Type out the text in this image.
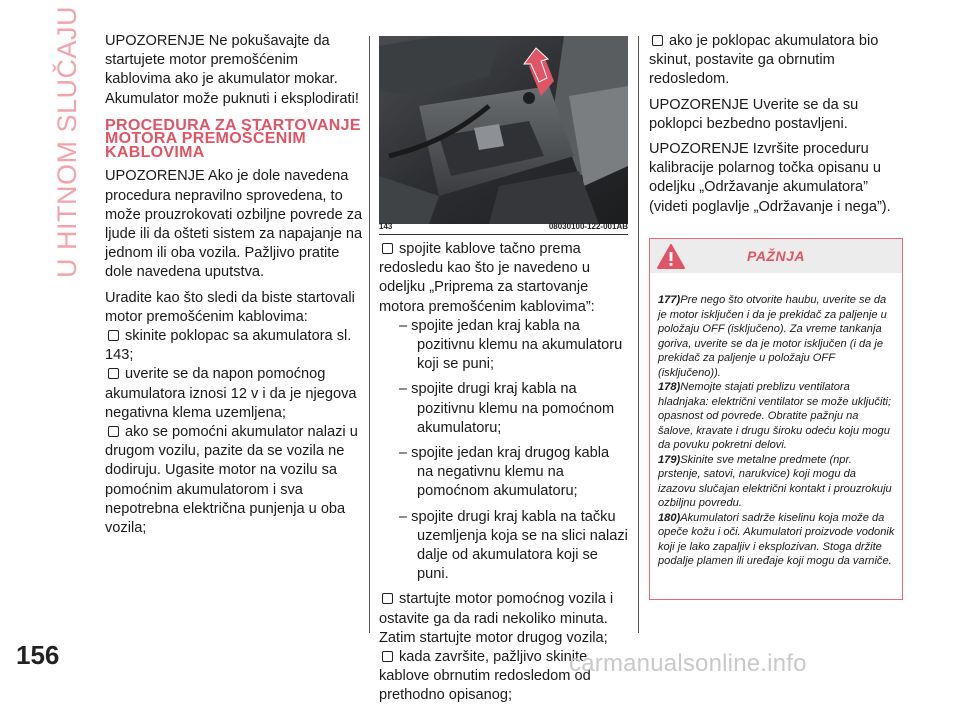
U HITNOM SLUČAJU UPOZORENJE Ne pokušavajte da startujete motor premošćenim kablovima ako je akumulator mokar. Akumulator može puknuti i eksplodirati!

PROCEDURA ZA STARTOVANJE MOTORA PREMOŠĆENIM KABLOVIMA

UPOZORENJE Ako je dole navedena procedura nepravilno sprovedena, to može prouzrokovati ozbiljne povrede za ljude ili da ošteti sistem za napajanje na jednom ili oba vozila. Pažljivo pratite dole navedena uputstva.

Uradite kao što sledi da biste startovali motor premošćenim kablovima:

skinite poklopac sa akumulatora sl. 143;
uverite se da napon pomoćnog akumulatora iznosi 12 v i da je njegova negativna klema uzemljena;
ako se pomoćni akumulator nalazi u drugom vozilu, pazite da se vozila ne dodiruju. Ugasite motor na vozilu sa pomoćnim akumulatorom i sva nepotrebna električna punjenja u oba vozila;
143	08030100-122-001AB
spojite kablove tačno prema redosledu kao što je navedeno u odeljku „Priprema za startovanje motora premošćenim kablovima”:

– spojite jedan kraj kabla na pozitivnu klemu na akumulatoru koji se puni;

– spojite drugi kraj kabla na pozitivnu klemu na pomoćnom akumulatoru;

– spojite jedan kraj drugog kabla na negativnu klemu na pomoćnom akumulatoru;

– spojite drugi kraj kabla na tačku uzemljenja koja se na slici nalazi dalje od akumulatora koji se puni.

startujte motor pomoćnog vozila i ostavite ga da radi nekoliko minuta. Zatim startujte motor drugog vozila;
kada završite, pažljivo skinite kablove obrnutim redosledom od prethodno opisanog;

ako je poklopac akumulatora bio skinut, postavite ga obrnutim redosledom.

UPOZORENJE Uverite se da su poklopci bezbedno postavljeni.

UPOZORENJE Izvršite proceduru kalibracije polarnog točka opisanu u odeljku „Održavanje akumulatora” (videti poglavlje „Održavanje i nega”).

PAŽNJA
177)Pre nego što otvorite haubu, uverite se da je motor isključen i da je prekidač za paljenje u položaju OFF (isključeno). Za vreme tankanja goriva, uverite se da je motor isključen (i da je prekidač za paljenje u položaju OFF (isključeno)).
178)Nemojte stajati preblizu ventilatora hladnjaka: električni ventilator se može uključiti; opasnost od povrede. Obratite pažnju na šalove, kravate i drugu široku odeću koju mogu da povuku pokretni delovi.
179)Skinite sve metalne predmete (npr. prstenje, satovi, narukvice) koji mogu da izazovu slučajan električni kontakt i prouzrokuju ozbiljnu povredu.
180)Akumulatori sadrže kiselinu koja može da opeče kožu i oči. Akumulatori proizvode vodonik koji je lako zapaljiv i eksplozivan. Stoga držite podalje plamen ili uređaje koji mogu da varniče.
156	carmanualsonline.info
